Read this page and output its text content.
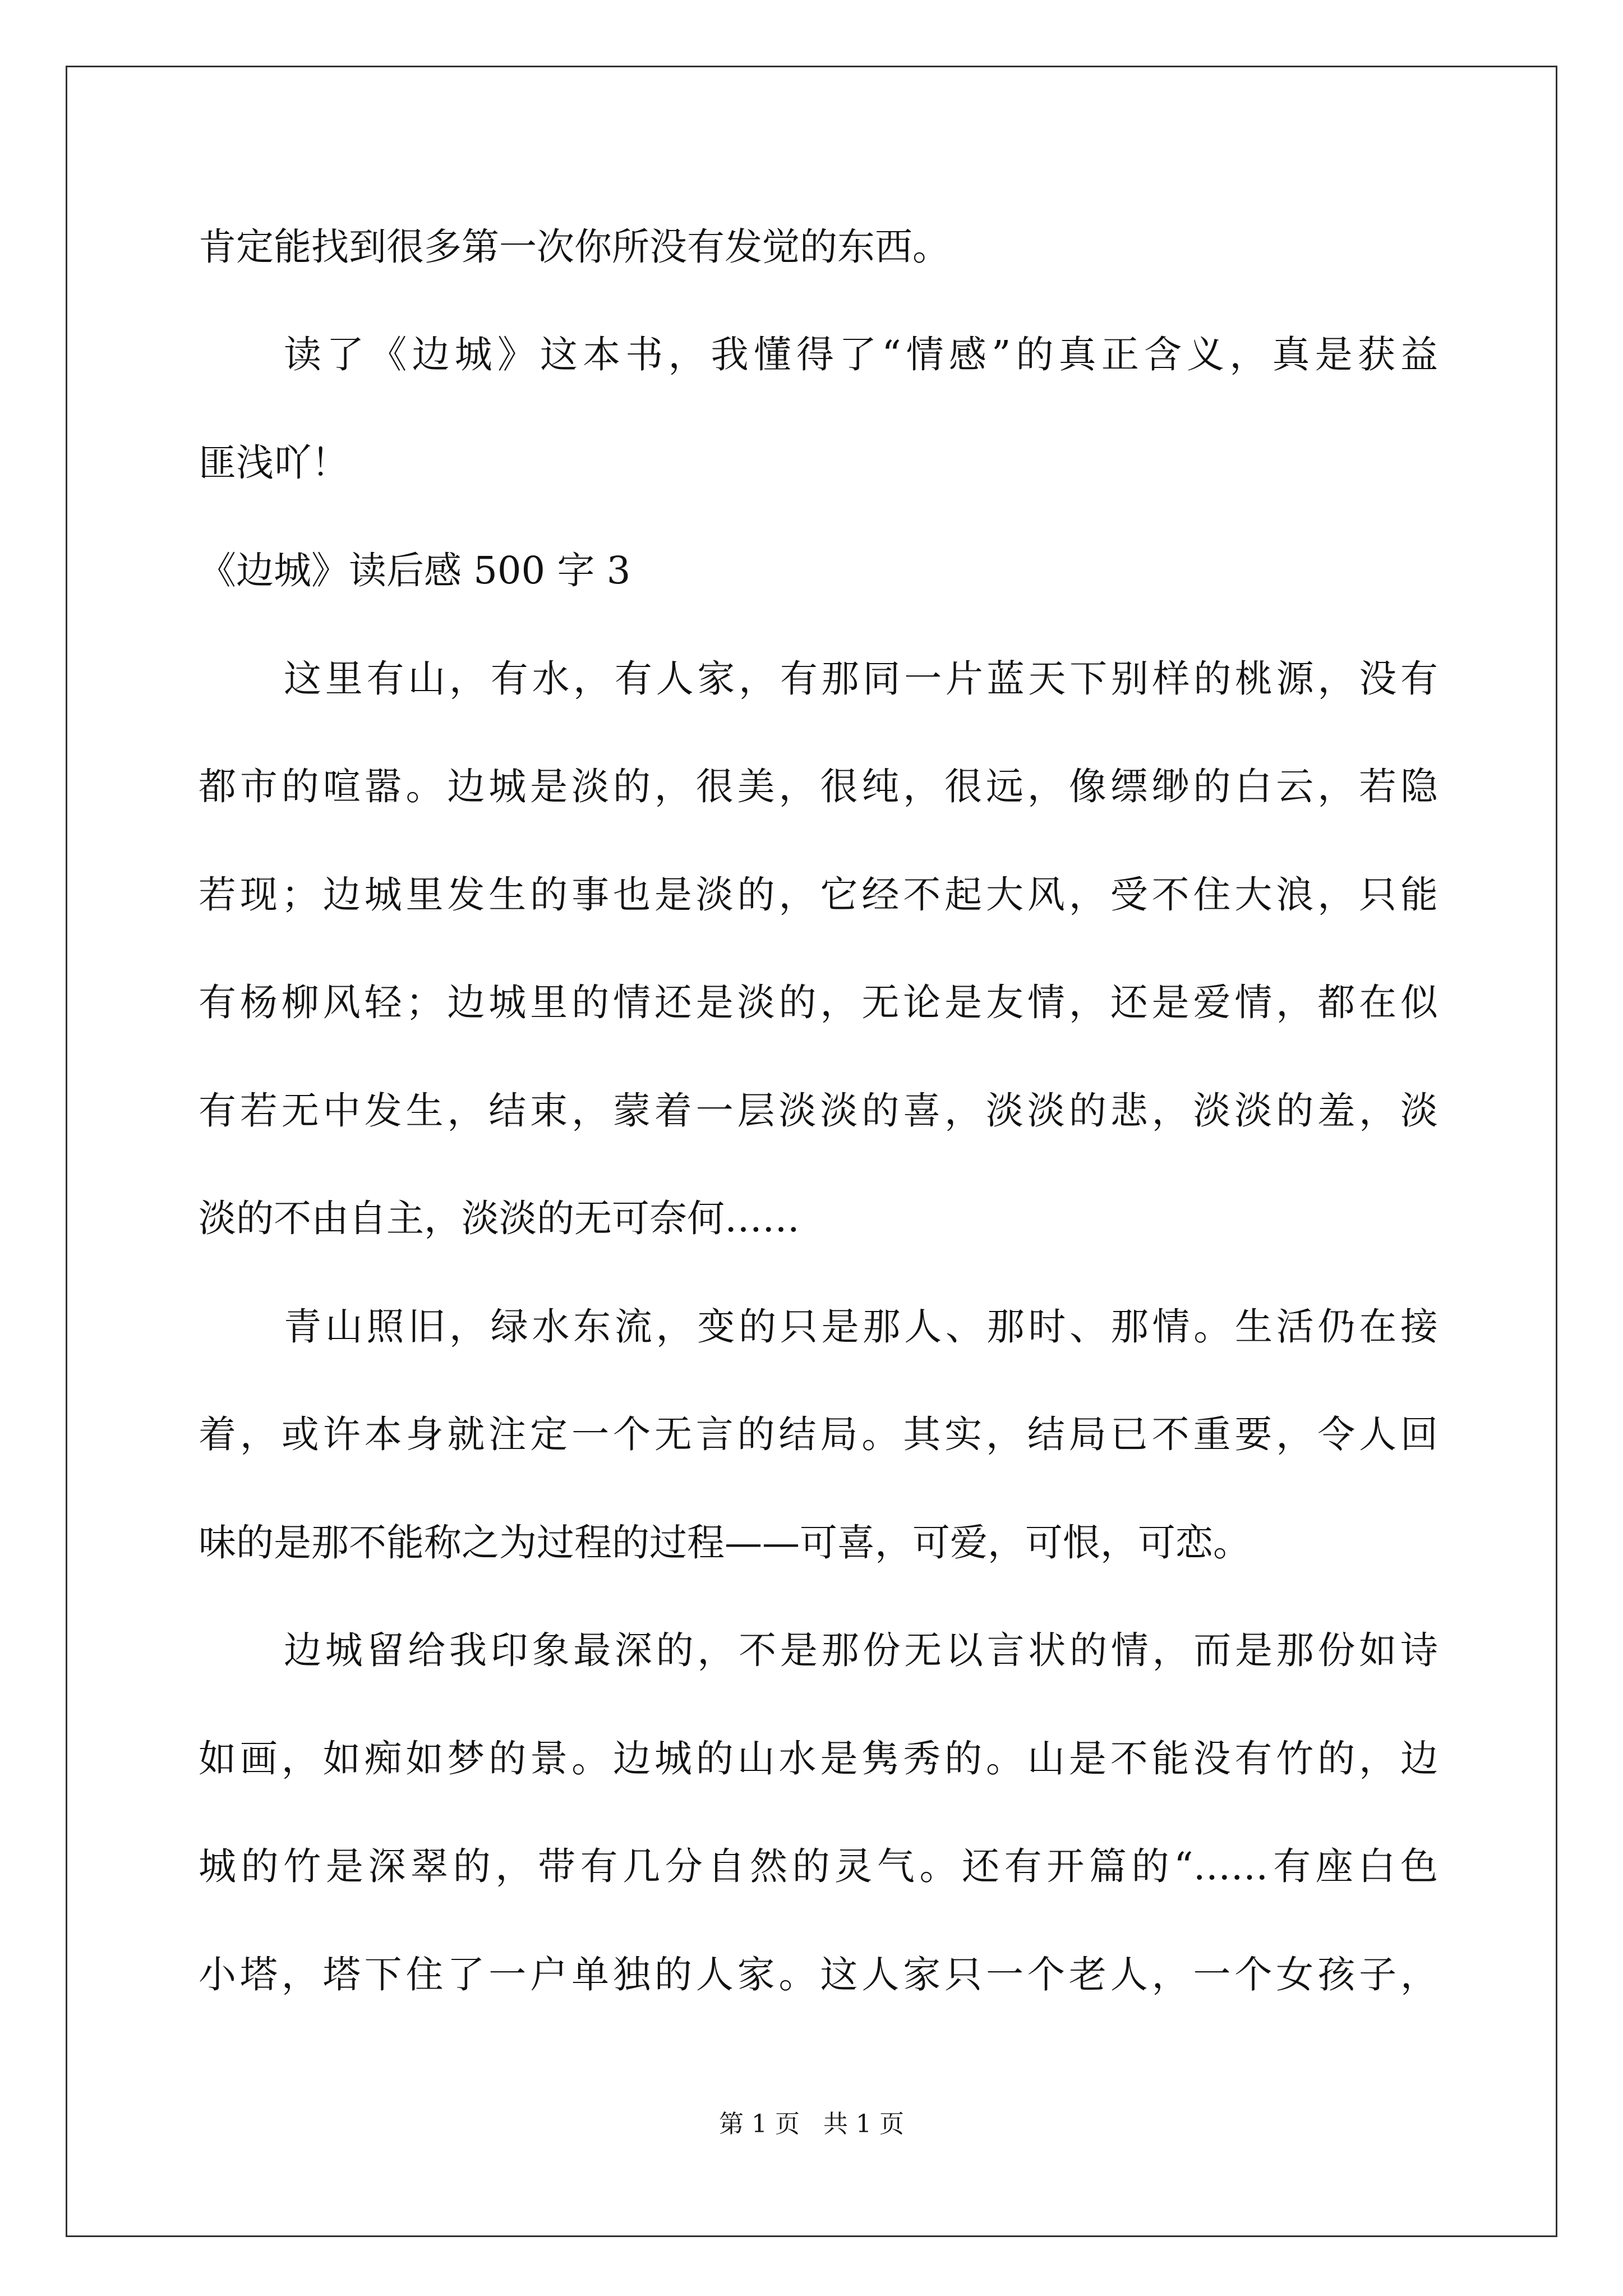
肯定能找到很多第一次你所没有发觉的东西。

读了《边城》这本书，我懂得了“情感”的真正含义，真是获益

匪浅吖！

《边城》读后感 500 字 3

这里有山，有水，有人家，有那同一片蓝天下别样的桃源，没有

都市的喧嚣。边城是淡的，很美，很纯，很远，像缥缈的白云，若隐

若现；边城里发生的事也是淡的，它经不起大风，受不住大浪，只能

有杨柳风轻；边城里的情还是淡的，无论是友情，还是爱情，都在似

有若无中发生，结束，蒙着一层淡淡的喜，淡淡的悲，淡淡的羞，淡

淡的不由自主，淡淡的无可奈何……

青山照旧，绿水东流，变的只是那人、那时、那情。生活仍在接

着，或许本身就注定一个无言的结局。其实，结局已不重要，令人回

味的是那不能称之为过程的过程——可喜，可爱，可恨，可恋。

边城留给我印象最深的，不是那份无以言状的情，而是那份如诗

如画，如痴如梦的景。边城的山水是隽秀的。山是不能没有竹的，边

城的竹是深翠的，带有几分自然的灵气。还有开篇的“……有座白色

小塔，塔下住了一户单独的人家。这人家只一个老人，一个女孩子，

第 1 页   共 1 页
